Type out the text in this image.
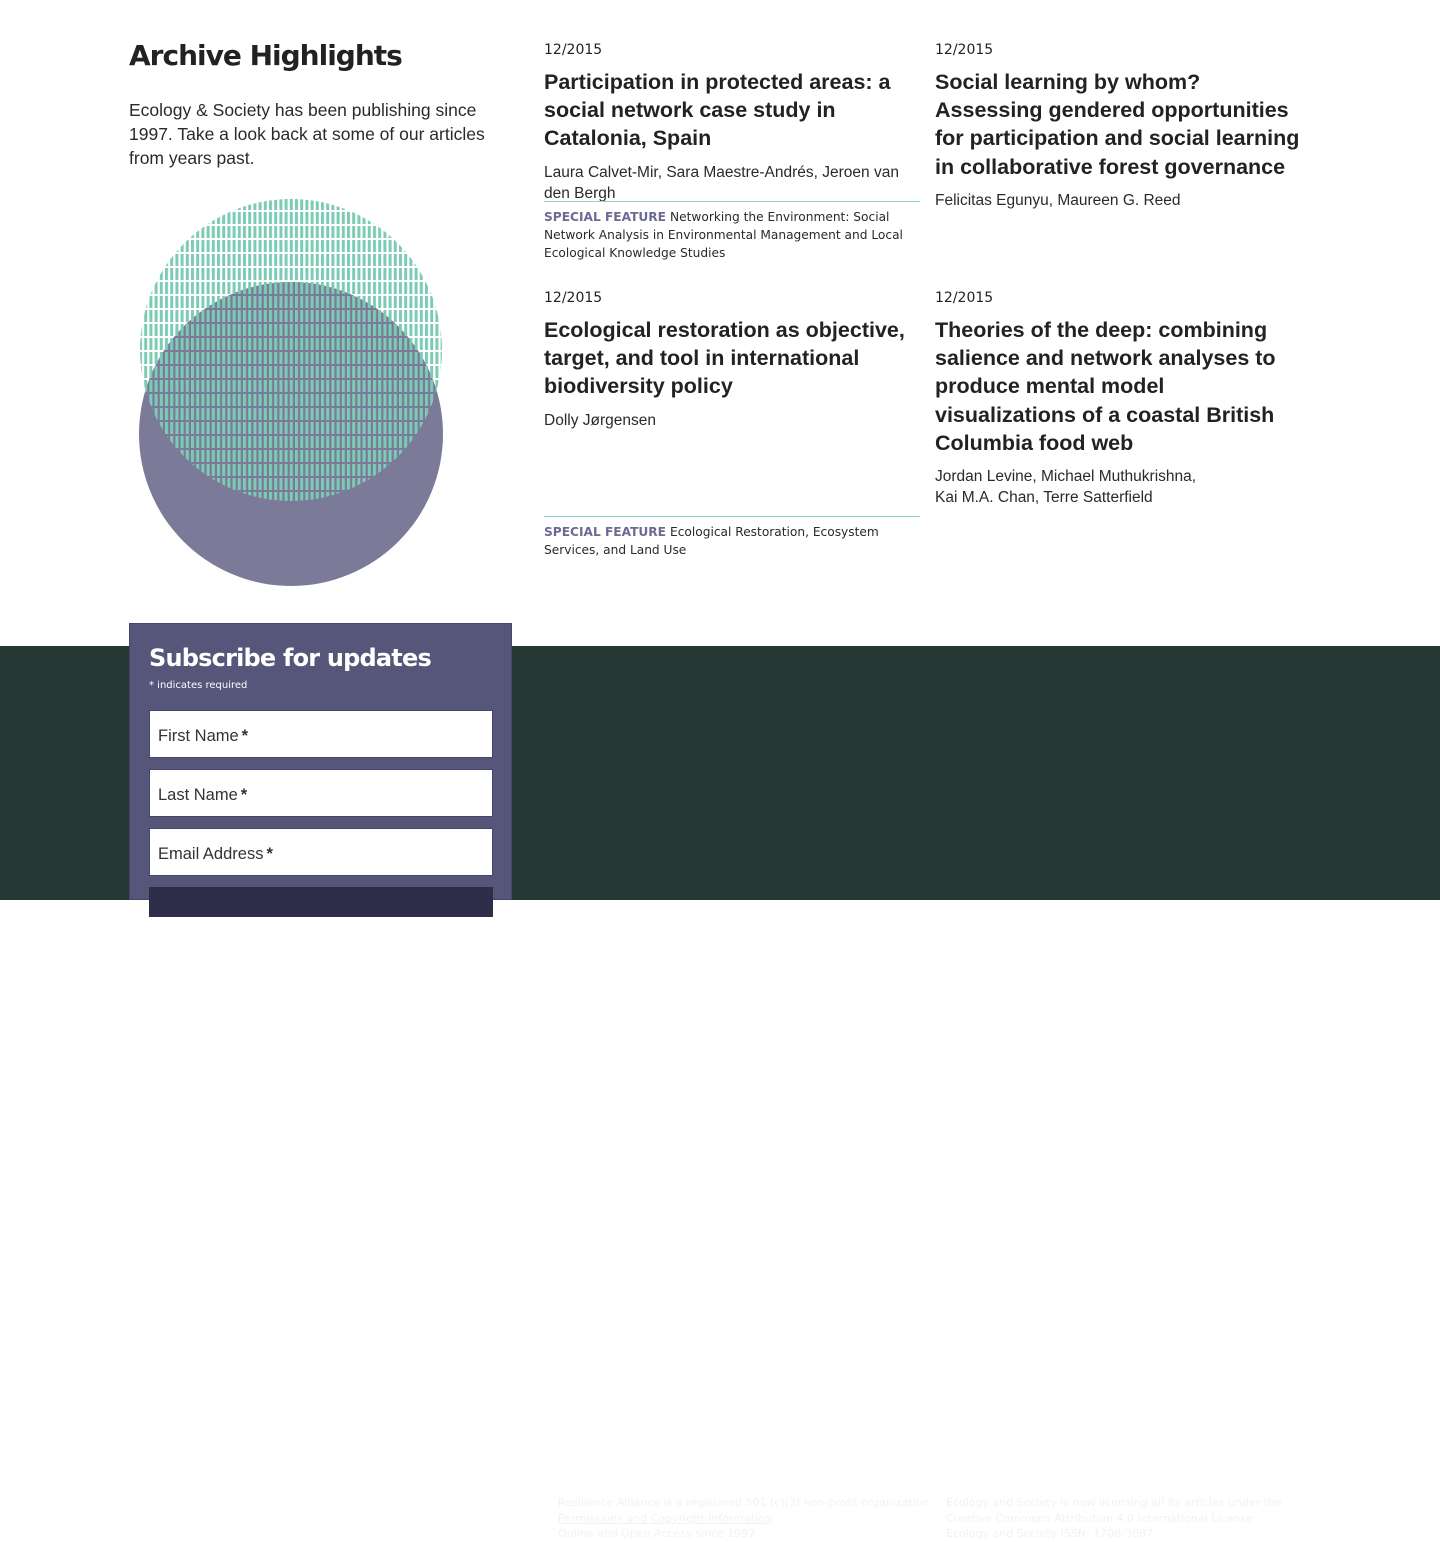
Archive Highlights

Ecology & Society has been publishing since 1997. Take a look back at some of our articles from years past.

12/2015
Participation in protected areas: a social network case study in Catalonia, Spain
Laura Calvet-Mir, Sara Maestre-Andrés, Jeroen van den Bergh
SPECIAL FEATURE Networking the Environment: Social Network Analysis in Environmental Management and Local Ecological Knowledge Studies
12/2015
Social learning by whom? Assessing gendered opportunities for participation and social learning in collaborative forest governance
Felicitas Egunyu, Maureen G. Reed
12/2015
Ecological restoration as objective, target, and tool in international biodiversity policy
Dolly Jørgensen
SPECIAL FEATURE Ecological Restoration, Ecosystem Services, and Land Use
12/2015
Theories of the deep: combining salience and network analyses to produce mental model visualizations of a coastal British Columbia food web
Jordan Levine, Michael Muthukrishna, Kai M.A. Chan, Terre Satterfield
Submit an Article	Find Back Issues
Submission Guidelines
Open Access Policy
Current Issue	Find Features
Journal Policies	Contact
Resilience Alliance is a registered 501 (c)(3) non-profit organization
Permissions and Copyright Information
Online and Open Access since 1997
Ecology and Society is now licensing all its articles under the Creative Commons Attribution 4.0 International License
Ecology and Society ISSN: 1708-3087
Subscribe for updates
* indicates required
First Name *
Last Name *
Email Address *
